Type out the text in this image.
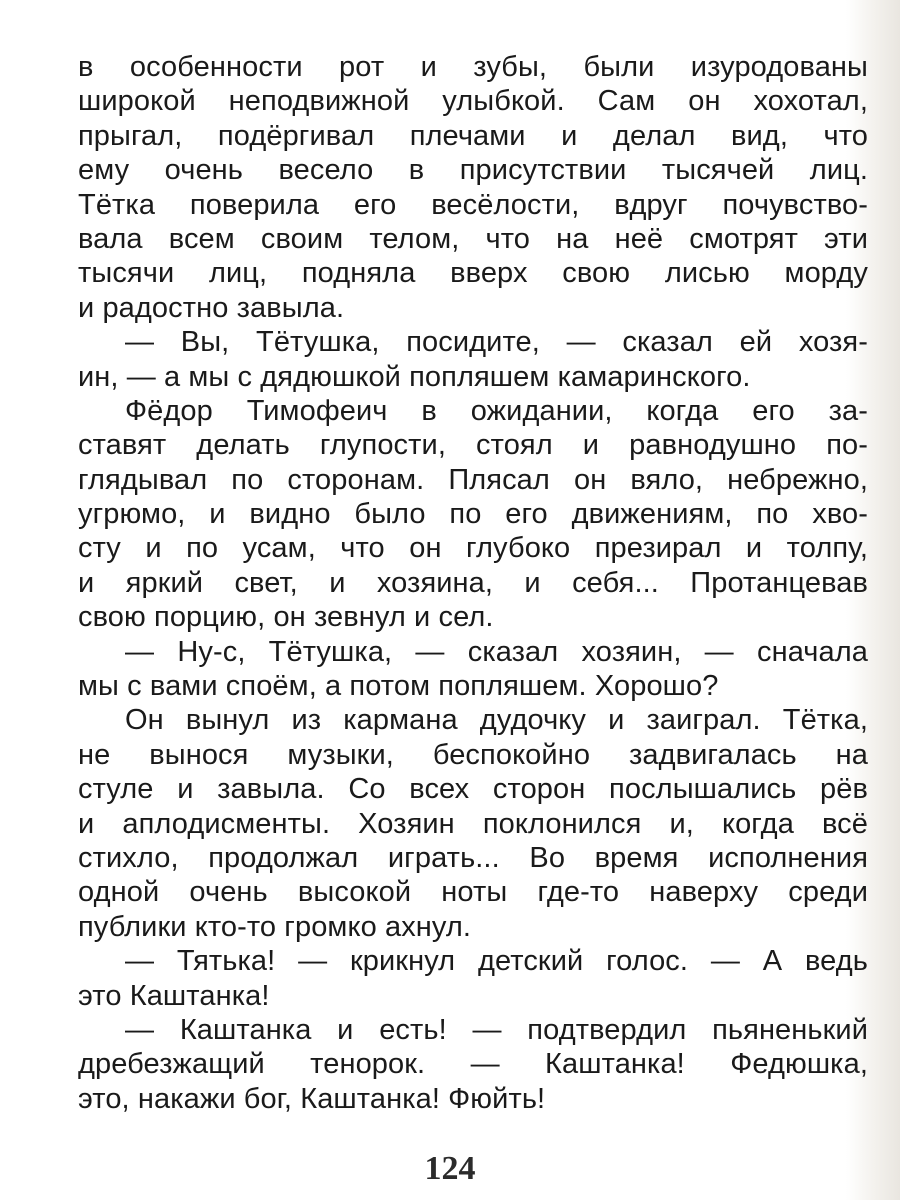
в особенности рот и зубы, были изуродованы
широкой неподвижной улыбкой. Сам он хохотал,
прыгал, подёргивал плечами и делал вид, что
ему очень весело в присутствии тысячей лиц.
Тётка поверила его весёлости, вдруг почувство-
вала всем своим телом, что на неё смотрят эти
тысячи лиц, подняла вверх свою лисью морду
и радостно завыла.
— Вы, Тётушка, посидите, — сказал ей хозя-
ин, — а мы с дядюшкой попляшем камаринского.
Фёдор Тимофеич в ожидании, когда его за-
ставят делать глупости, стоял и равнодушно по-
глядывал по сторонам. Плясал он вяло, небрежно,
угрюмо, и видно было по его движениям, по хво-
сту и по усам, что он глубоко презирал и толпу,
и яркий свет, и хозяина, и себя... Протанцевав
свою порцию, он зевнул и сел.
— Ну-с, Тётушка, — сказал хозяин, — сначала
мы с вами споём, а потом попляшем. Хорошо?
Он вынул из кармана дудочку и заиграл. Тётка,
не вынося музыки, беспокойно задвигалась на
стуле и завыла. Со всех сторон послышались рёв
и аплодисменты. Хозяин поклонился и, когда всё
стихло, продолжал играть... Во время исполнения
одной очень высокой ноты где-то наверху среди
публики кто-то громко ахнул.
— Тятька! — крикнул детский голос. — А ведь
это Каштанка!
— Каштанка и есть! — подтвердил пьяненький
дребезжащий тенорок. — Каштанка! Федюшка,
это, накажи бог, Каштанка! Фюйть!
124
